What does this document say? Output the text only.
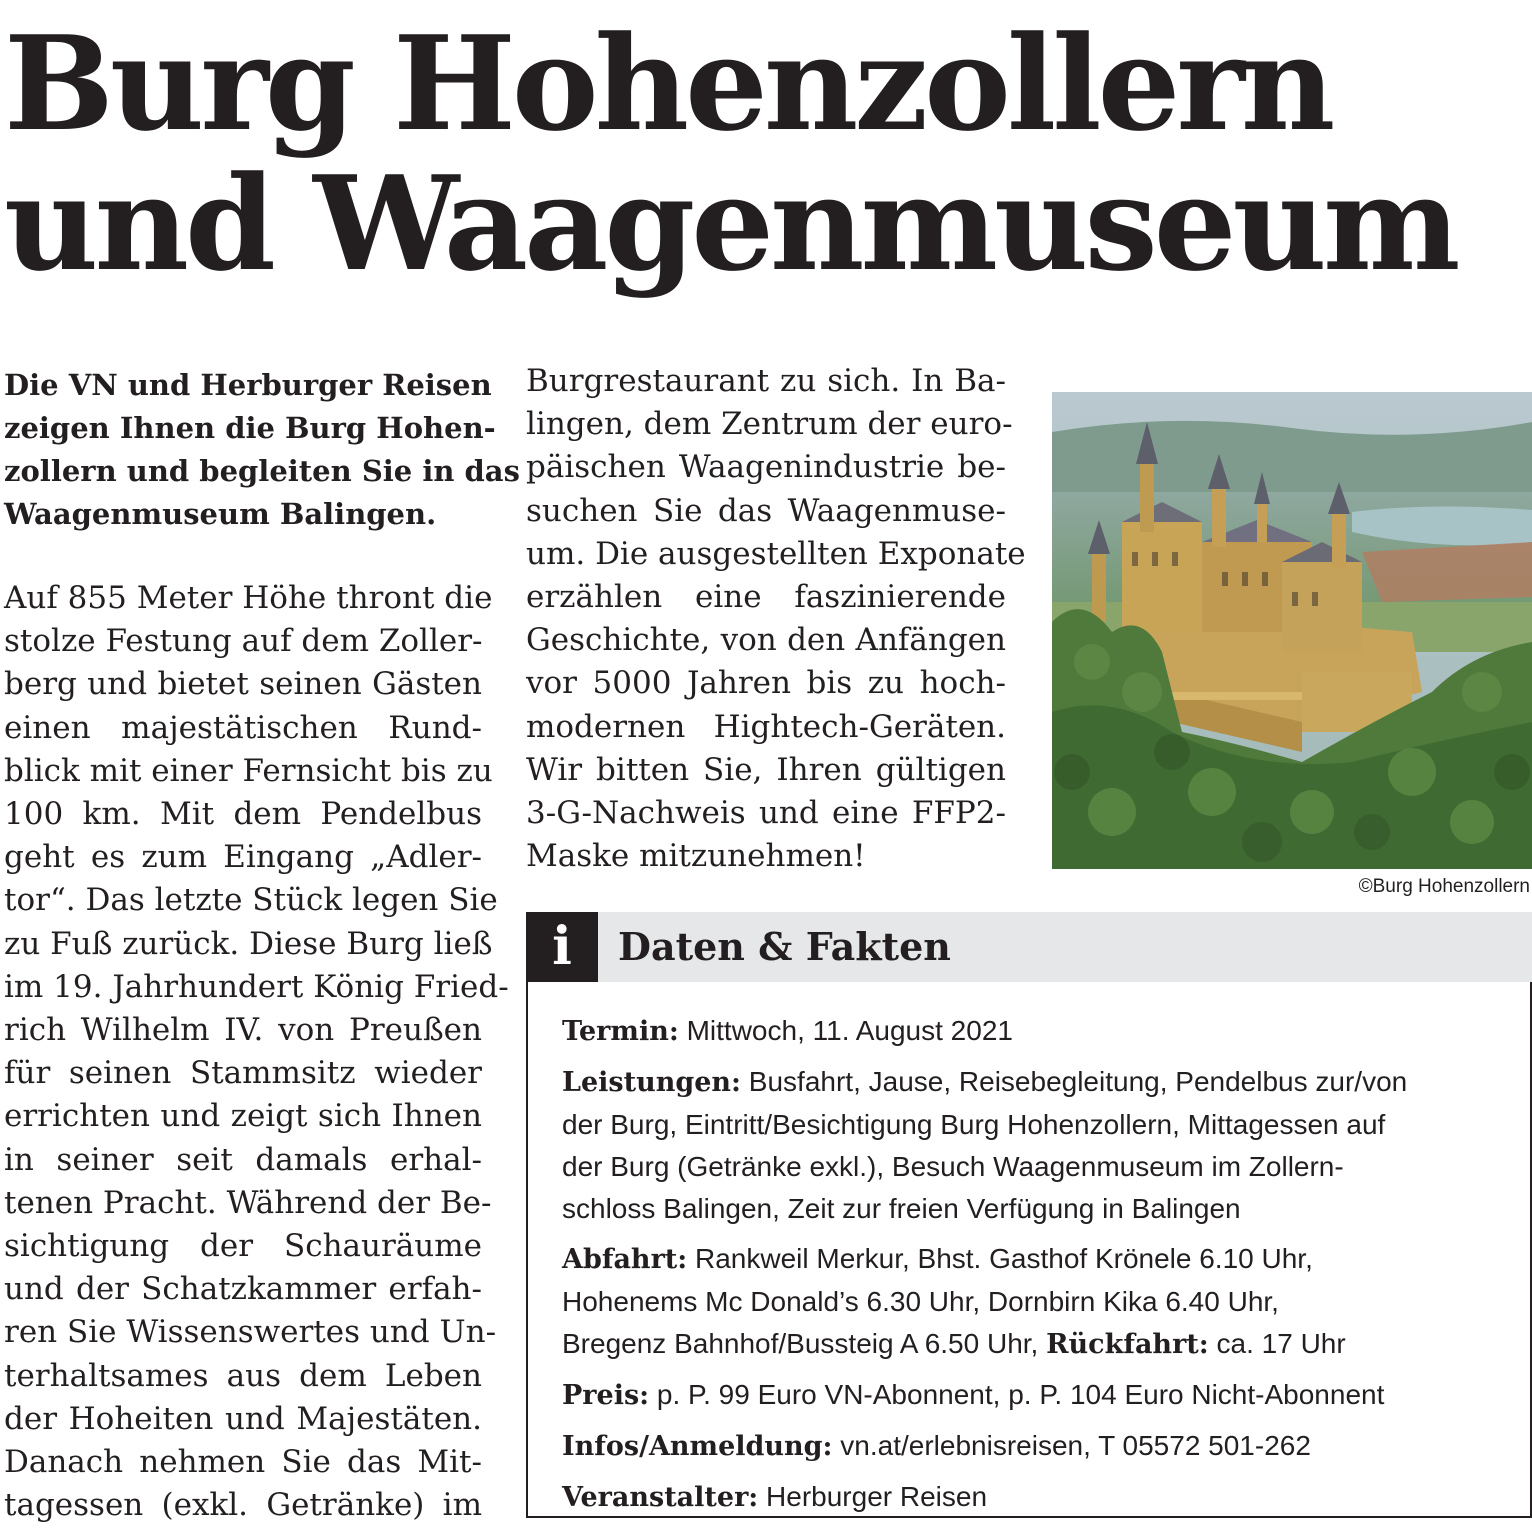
Burg Hohenzollern
und Waagenmuseum

Die VN und Herburger Reisen

zeigen Ihnen die Burg Hohen-

zollern und begleiten Sie in das

Waagenmuseum Balingen.

Auf 855 Meter Höhe thront die

stolze Festung auf dem Zoller-

berg und bietet seinen Gästen

einen majestätischen Rund-

blick mit einer Fernsicht bis zu

100 km. Mit dem Pendelbus

geht es zum Eingang „Adler-

tor“. Das letzte Stück legen Sie

zu Fuß zurück. Diese Burg ließ

im 19. Jahrhundert König Fried-

rich Wilhelm IV. von Preußen

für seinen Stammsitz wieder

errichten und zeigt sich Ihnen

in seiner seit damals erhal-

tenen Pracht. Während der Be-

sichtigung der Schauräume

und der Schatzkammer erfah-

ren Sie Wissenswertes und Un-

terhaltsames aus dem Leben

der Hoheiten und Majestäten.

Danach nehmen Sie das Mit-

tagessen (exkl. Getränke) im

Burgrestaurant zu sich. In Ba-

lingen, dem Zentrum der euro-

päischen Waagenindustrie be-

suchen Sie das Waagenmuse-

um. Die ausgestellten Exponate

erzählen eine faszinierende

Geschichte, von den Anfängen

vor 5000 Jahren bis zu hoch-

modernen Hightech-Geräten.

Wir bitten Sie, Ihren gültigen

3-G-Nachweis und eine FFP2-

Maske mitzunehmen!

©Burg Hohenzollern
i	Daten & Fakten

Termin: Mittwoch, 11. August 2021

Leistungen: Busfahrt, Jause, Reisebegleitung, Pendelbus zur/von
der Burg, Eintritt/Besichtigung Burg Hohenzollern, Mittagessen auf
der Burg (Getränke exkl.), Besuch Waagenmuseum im Zollern-
schloss Balingen, Zeit zur freien Verfügung in Balingen

Abfahrt: Rankweil Merkur, Bhst. Gasthof Krönele 6.10 Uhr,
Hohenems Mc Donald’s 6.30 Uhr, Dornbirn Kika 6.40 Uhr,
Bregenz Bahnhof/Bussteig A 6.50 Uhr, Rückfahrt: ca. 17 Uhr

Preis: p. P. 99 Euro VN-Abonnent, p. P. 104 Euro Nicht-Abonnent

Infos/Anmeldung: vn.at/erlebnisreisen, T 05572 501-262

Veranstalter: Herburger Reisen
